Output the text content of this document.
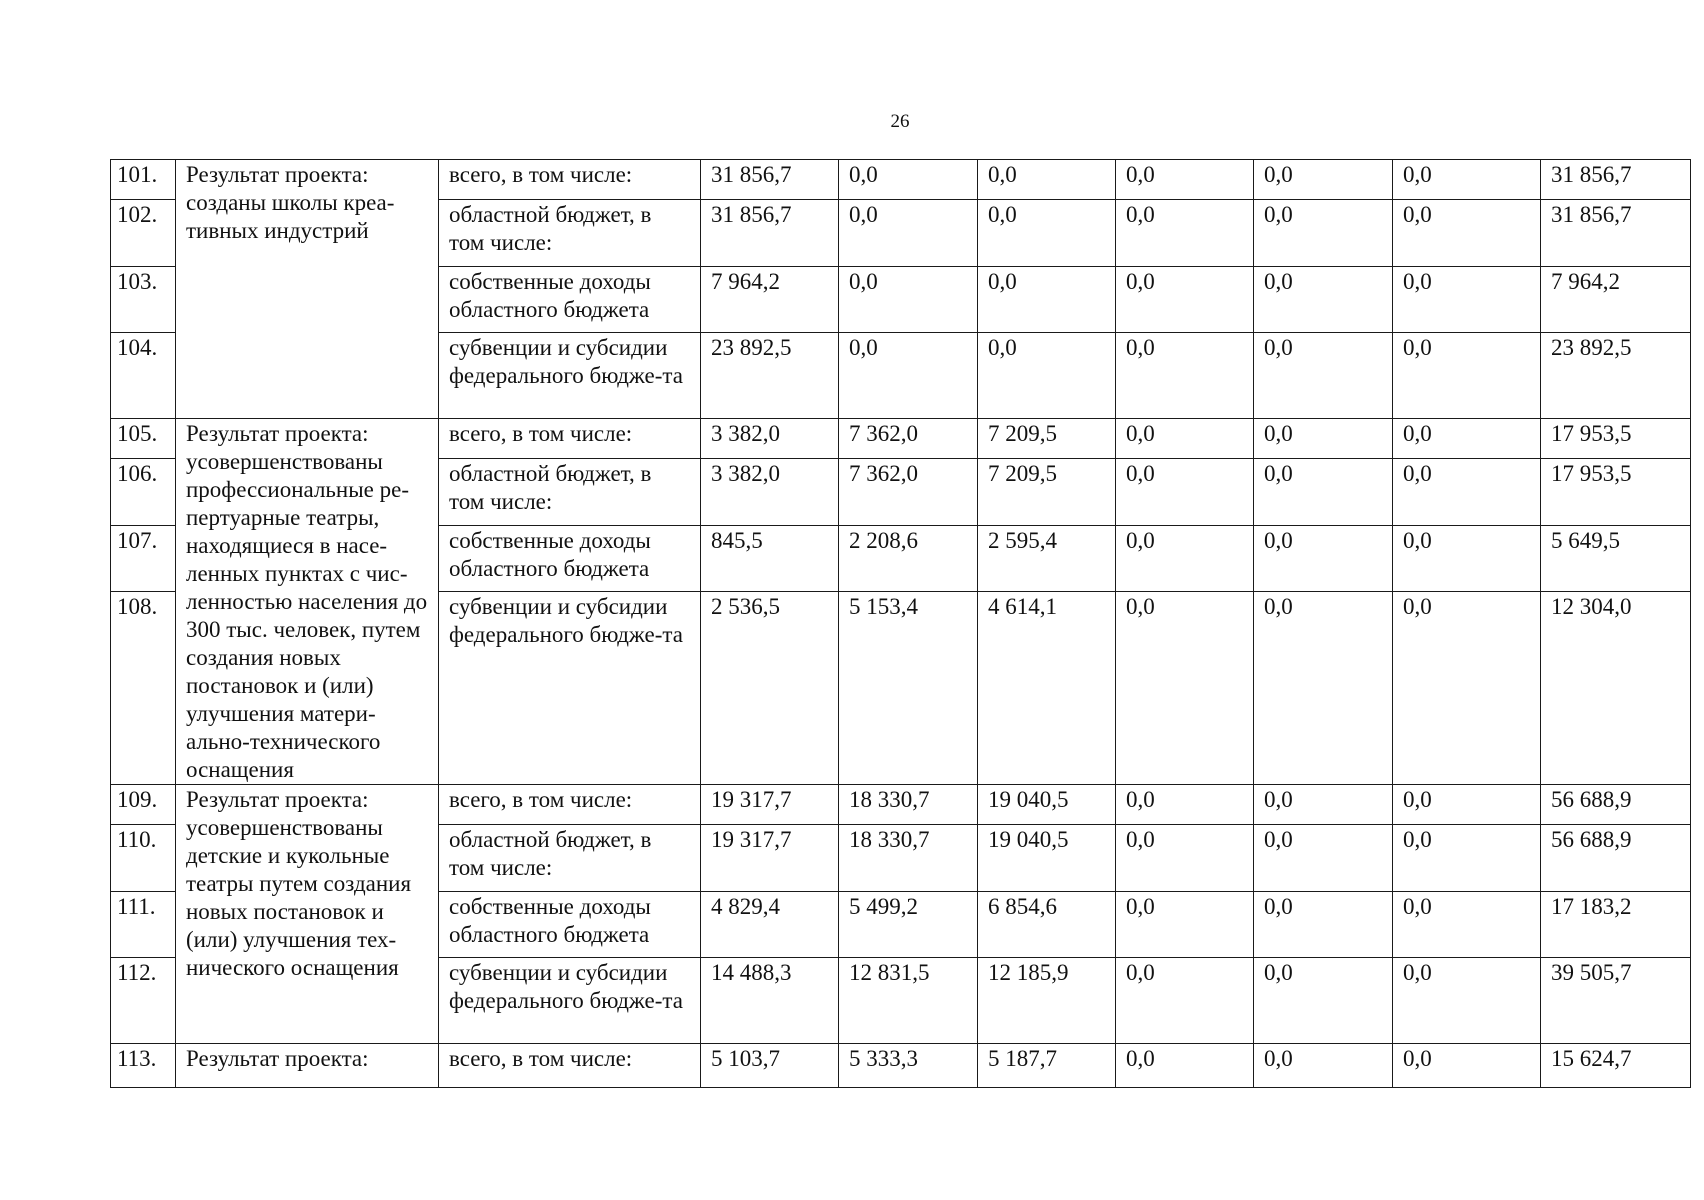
26
101.	Результат проекта: созданы школы креа-тивных индустрий	всего, в том числе:	31 856,7	0,0	0,0	0,0	0,0	0,0	31 856,7
102.		областной бюджет, в том числе:	31 856,7	0,0	0,0	0,0	0,0	0,0	31 856,7
103.		собственные доходы областного бюджета	7 964,2	0,0	0,0	0,0	0,0	0,0	7 964,2
104.		субвенции и субсидии федерального бюдже-та	23 892,5	0,0	0,0	0,0	0,0	0,0	23 892,5
105.	Результат проекта: усовершенствованы профессиональные ре-пертуарные театры, находящиеся в насе-ленных пунктах с чис-ленностью населения до 300 тыс. человек, путем создания новых постановок и (или) улучшения матери-ально-технического оснащения	всего, в том числе:	3 382,0	7 362,0	7 209,5	0,0	0,0	0,0	17 953,5
106.		областной бюджет, в том числе:	3 382,0	7 362,0	7 209,5	0,0	0,0	0,0	17 953,5
107.		собственные доходы областного бюджета	845,5	2 208,6	2 595,4	0,0	0,0	0,0	5 649,5
108.		субвенции и субсидии федерального бюдже-та	2 536,5	5 153,4	4 614,1	0,0	0,0	0,0	12 304,0
109.	Результат проекта: усовершенствованы детские и кукольные театры путем создания новых постановок и (или) улучшения тех-нического оснащения	всего, в том числе:	19 317,7	18 330,7	19 040,5	0,0	0,0	0,0	56 688,9
110.		областной бюджет, в том числе:	19 317,7	18 330,7	19 040,5	0,0	0,0	0,0	56 688,9
111.		собственные доходы областного бюджета	4 829,4	5 499,2	6 854,6	0,0	0,0	0,0	17 183,2
112.		субвенции и субсидии федерального бюдже-та	14 488,3	12 831,5	12 185,9	0,0	0,0	0,0	39 505,7
113.	Результат проекта:	всего, в том числе:	5 103,7	5 333,3	5 187,7	0,0	0,0	0,0	15 624,7
